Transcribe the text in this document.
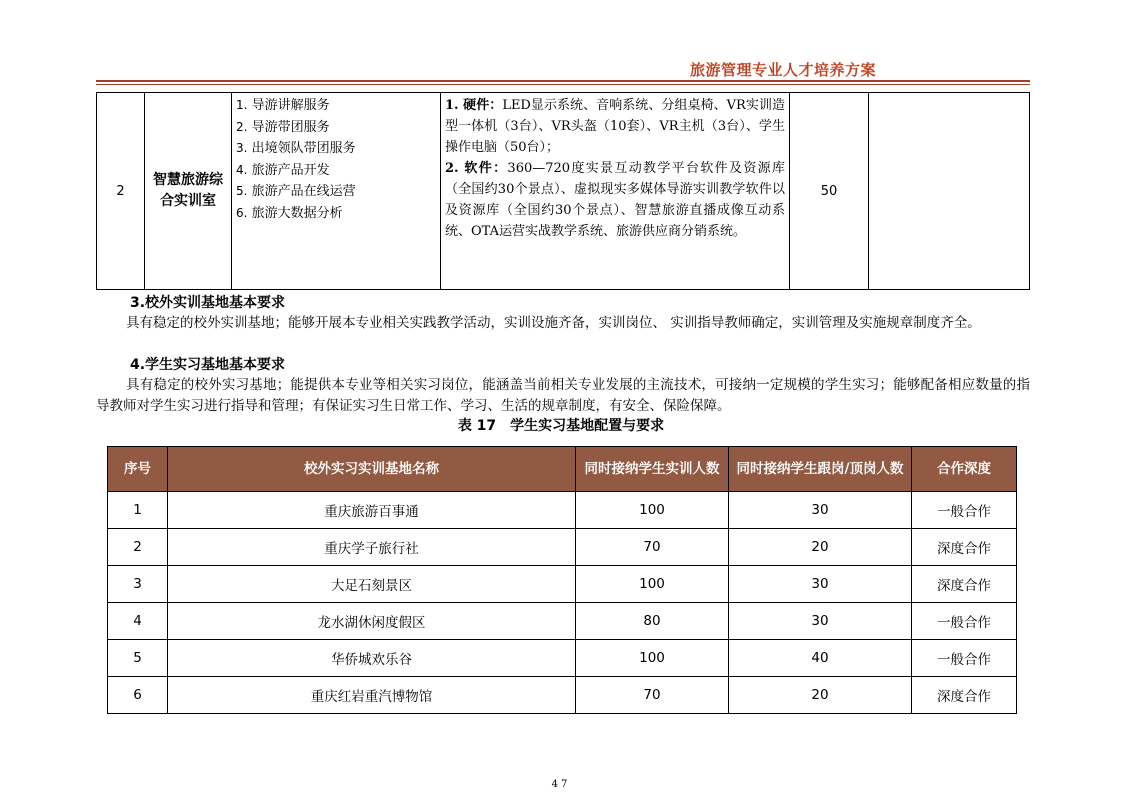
旅游管理专业人才培养方案
2	智慧旅游综合实训室	
1. 导游讲解服务
2. 导游带团服务
3. 出境领队带团服务
4. 旅游产品开发
5. 旅游产品在线运营
6. 旅游大数据分析
	1. 硬件：LED显示系统、音响系统、分组桌椅、VR实训造型一体机（3台）、VR头盔（10套）、VR主机（3台）、学生操作电脑（50台）；
2. 软件：360—720度实景互动教学平台软件及资源库（全国约30个景点）、虚拟现实多媒体导游实训教学软件以及资源库（全国约30个景点）、智慧旅游直播成像互动系统、OTA运营实战教学系统、旅游供应商分销系统。	50	
3.校外实训基地基本要求
具有稳定的校外实训基地；能够开展本专业相关实践教学活动，实训设施齐备，实训岗位、 实训指导教师确定，实训管理及实施规章制度齐全。
4.学生实习基地基本要求
具有稳定的校外实习基地；能提供本专业等相关实习岗位，能涵盖当前相关专业发展的主流技术，可接纳一定规模的学生实习；能够配备相应数量的指导教师对学生实习进行指导和管理；有保证实习生日常工作、学习、生活的规章制度，有安全、保险保障。
表 17　学生实习基地配置与要求
序号	校外实习实训基地名称	同时接纳学生实训人数	同时接纳学生跟岗/顶岗人数	合作深度
1	重庆旅游百事通	100	30	一般合作
2	重庆学子旅行社	70	20	深度合作
3	大足石刻景区	100	30	深度合作
4	龙水湖休闲度假区	80	30	一般合作
5	华侨城欢乐谷	100	40	一般合作
6	重庆红岩重汽博物馆	70	20	深度合作
47
